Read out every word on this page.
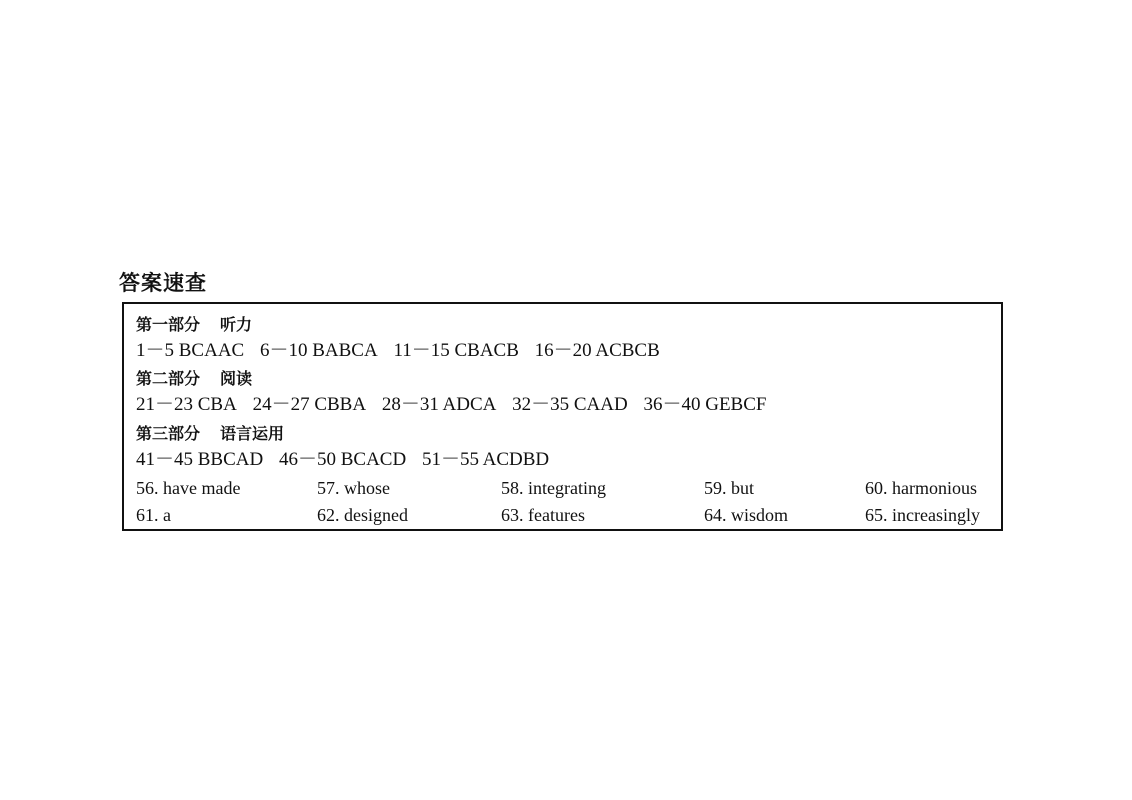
答案速查
第一部分 听力
1－5 BCAAC 6－10 BABCA 11－15 CBACB 16－20 ACBCB
第二部分 阅读
21－23 CBA 24－27 CBBA 28－31 ADCA 32－35 CAAD 36－40 GEBCF
第三部分 语言运用
41－45 BBCAD 46－50 BCACD 51－55 ACDBD
56. have made	57. whose	58. integrating	59. but	60. harmonious
61. a	62. designed	63. features	64. wisdom	65. increasingly
